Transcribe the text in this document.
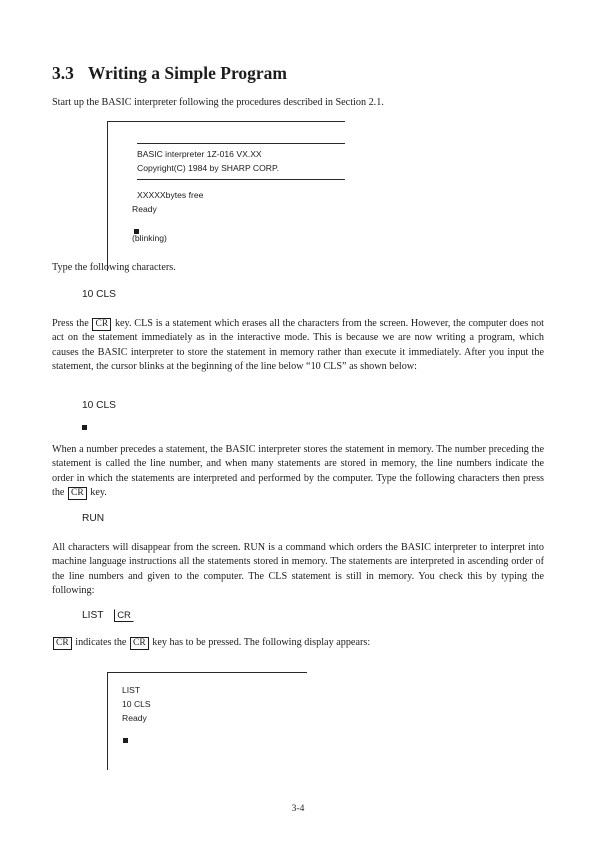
3.3 Writing a Simple Program
Start up the BASIC interpreter following the procedures described in Section 2.1.
BASIC interpreter 1Z-016 VX.XX
Copyright(C) 1984 by SHARP CORP.
XXXXXbytes free
Ready
(blinking)
Type the following characters.
10 CLS
Press the CR key. CLS is a statement which erases all the characters from the screen. However, the computer does not act on the statement immediately as in the interactive mode. This is because we are now writing a program, which causes the BASIC interpreter to store the statement in memory rather than execute it immediately. After you input the statement, the cursor blinks at the beginning of the line below “10 CLS” as shown below:
10 CLS
When a number precedes a statement, the BASIC interpreter stores the statement in memory. The number preceding the statement is called the line number, and when many statements are stored in memory, the line numbers indicate the order in which the statements are interpreted and performed by the computer. Type the following characters then press the CR key.
RUN
All characters will disappear from the screen. RUN is a command which orders the BASIC interpreter to interpret into machine language instructions all the statements stored in memory. The statements are interpreted in ascending order of the line numbers and given to the computer. The CLS statement is still in memory. You check this by typing the following:
LIST CR
CR indicates the CR key has to be pressed. The following display appears:
LIST
10 CLS
Ready
3-4
